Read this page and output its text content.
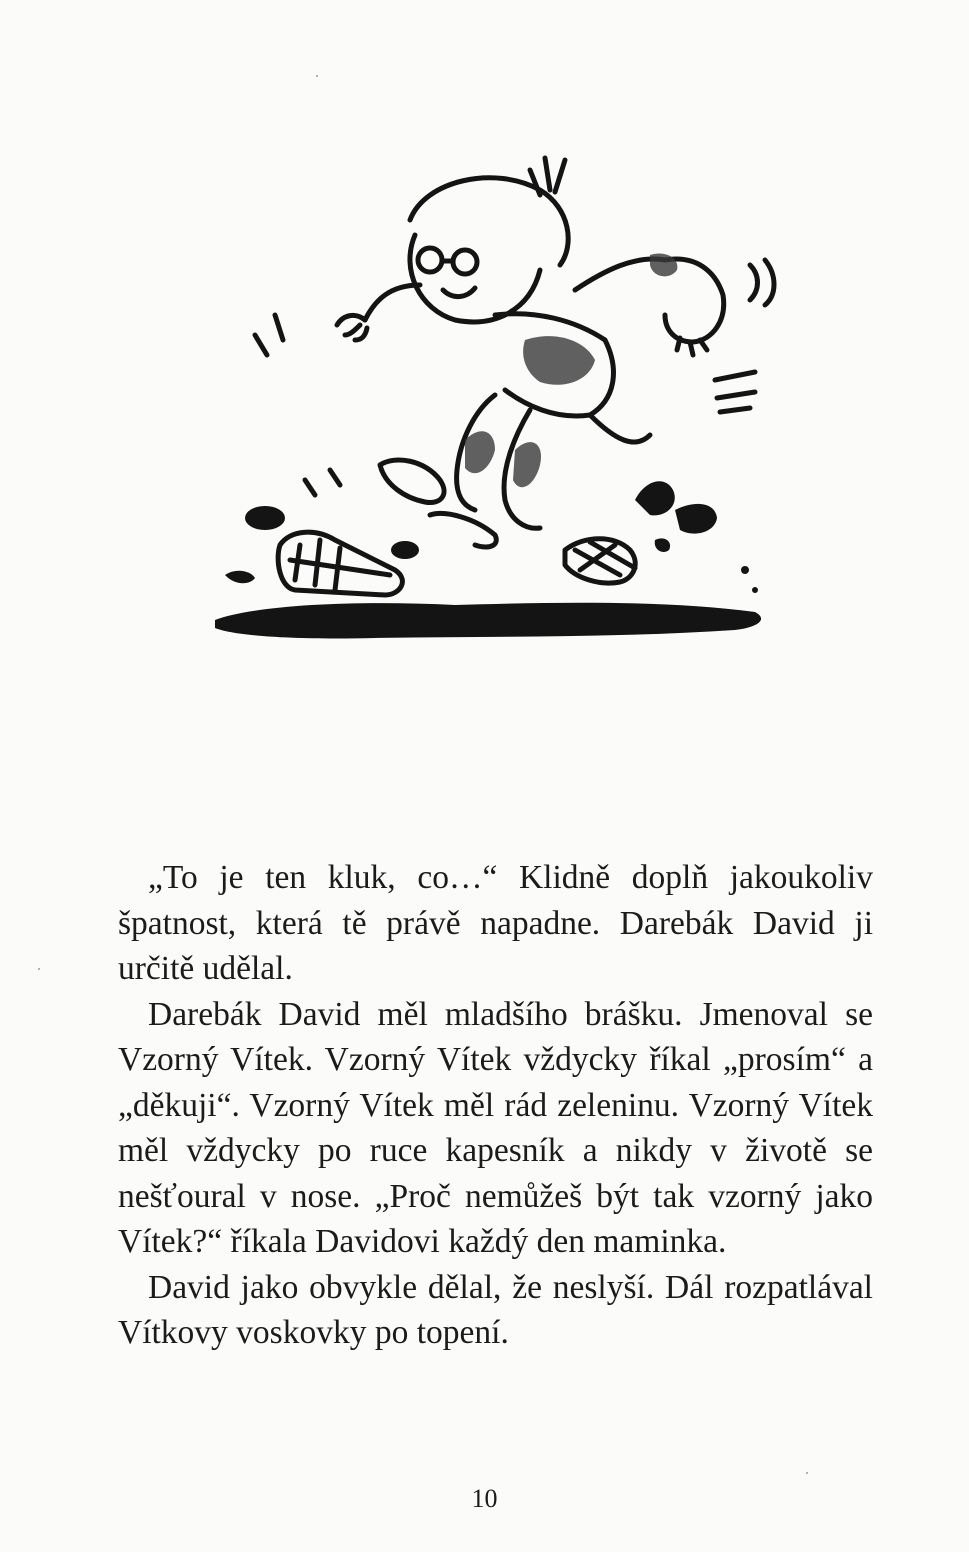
„To je ten kluk, co…“ Klidně doplň jakoukoliv špatnost, která tě právě napadne. Darebák David ji určitě udělal.

Darebák David měl mladšího brášku. Jmenoval se Vzorný Vítek. Vzorný Vítek vždycky říkal „prosím“ a „děkuji“. Vzorný Vítek měl rád zeleninu. Vzorný Vítek měl vždycky po ruce kapesník a nikdy v životě se nešťoural v nose. „Proč nemůžeš být tak vzorný jako Vítek?“ říkala Davidovi každý den maminka.

David jako obvykle dělal, že neslyší. Dál rozpatlával Vítkovy voskovky po topení.

10
